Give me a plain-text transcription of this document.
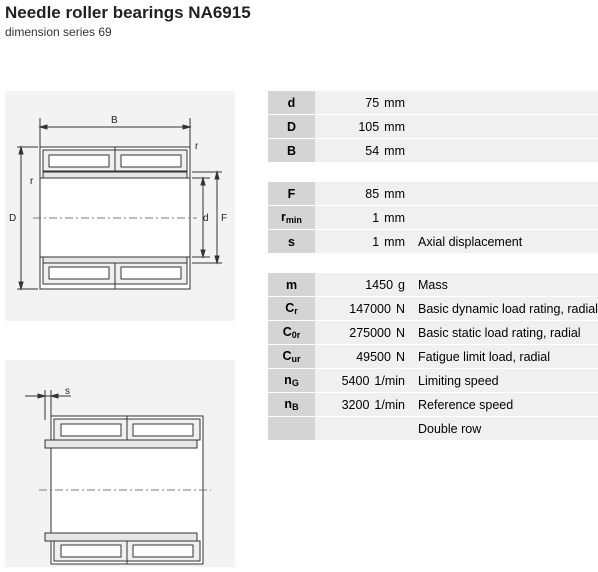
Needle roller bearings NA6915
dimension series 69
B
r
r
D	d F
s
d	75 mm	
D	105 mm	
B	54 mm	

F	85 mm	
$r_{min}$	1 mm	
s	1 mm	Axial displacement

m	1450 g	Mass
$C_r$	147000 N	Basic dynamic load rating, radial
$C_{0r}$	275000 N	Basic static load rating, radial
$C_{ur}$	49500 N	Fatigue limit load, radial
$n_G$	5400 1/min	Limiting speed
$n_B$	3200 1/min	Reference speed
		Double row
